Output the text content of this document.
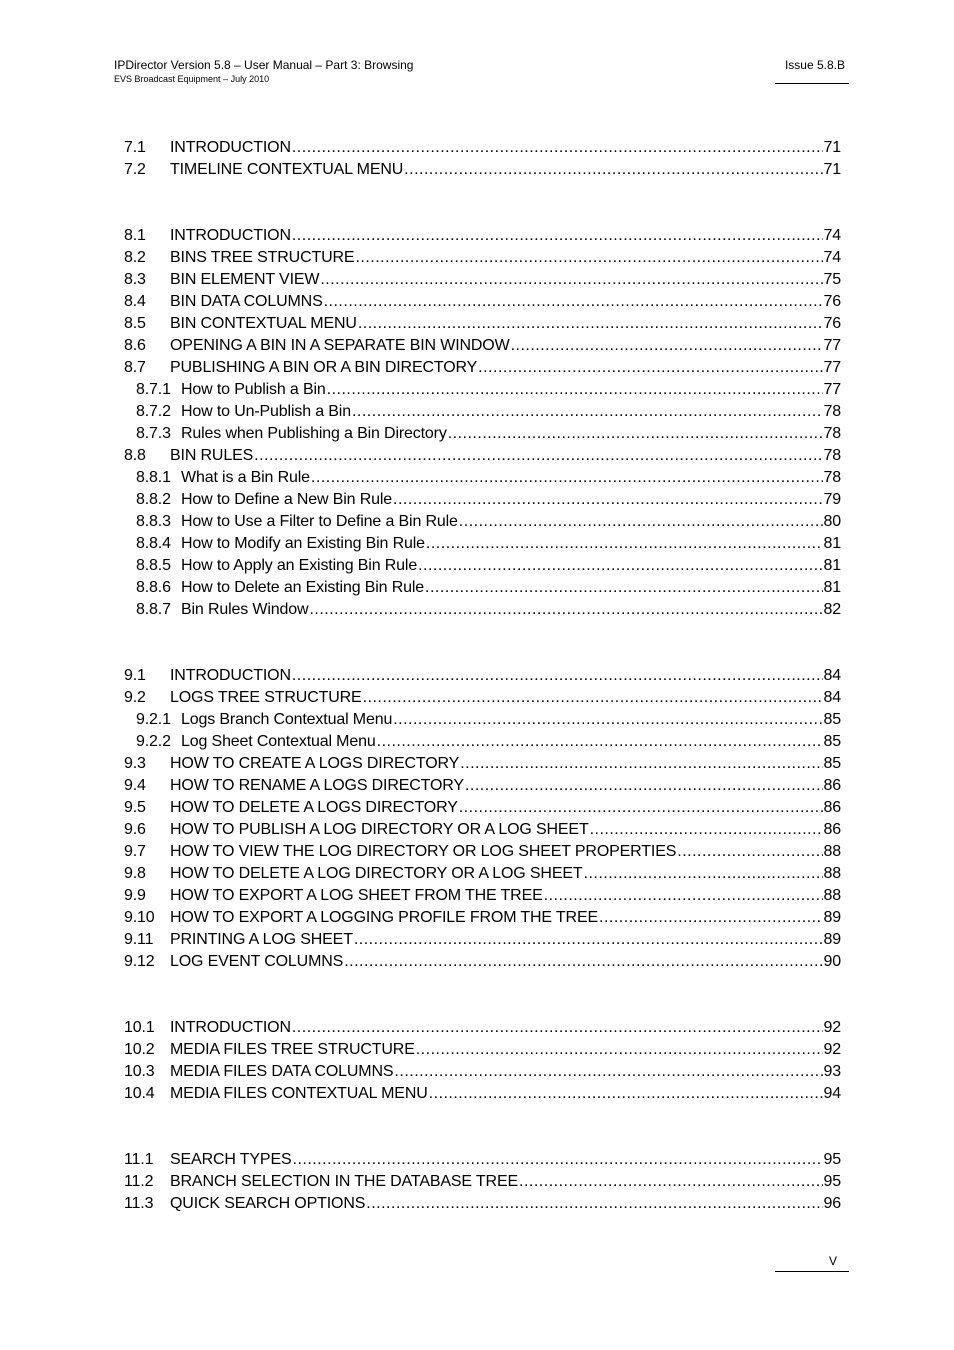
IPDirector Version 5.8 – User Manual – Part 3: Browsing
EVS Broadcast Equipment – July 2010
Issue 5.8.B
7.1	INTRODUCTION .....	71
7.2	TIMELINE CONTEXTUAL MENU .....	71
8.1	INTRODUCTION .....	74
8.2	BINS TREE STRUCTURE .....	74
8.3	BIN ELEMENT VIEW .....	75
8.4	BIN DATA COLUMNS .....	76
8.5	BIN CONTEXTUAL MENU .....	76
8.6	OPENING A BIN IN A SEPARATE BIN WINDOW .....	77
8.7	PUBLISHING A BIN OR A BIN DIRECTORY .....	77
8.7.1 How to Publish a Bin .....	77
8.7.2 How to Un-Publish a Bin .....	78
8.7.3 Rules when Publishing a Bin Directory .....	78
8.8	BIN RULES .....	78
8.8.1 What is a Bin Rule .....	78
8.8.2 How to Define a New Bin Rule .....	79
8.8.3 How to Use a Filter to Define a Bin Rule .....	80
8.8.4 How to Modify an Existing Bin Rule .....	81
8.8.5 How to Apply an Existing Bin Rule .....	81
8.8.6 How to Delete an Existing Bin Rule .....	81
8.8.7 Bin Rules Window .....	82
9.1	INTRODUCTION .....	84
9.2	LOGS TREE STRUCTURE .....	84
9.2.1 Logs Branch Contextual Menu .....	85
9.2.2 Log Sheet Contextual Menu .....	85
9.3	HOW TO CREATE A LOGS DIRECTORY .....	85
9.4	HOW TO RENAME A LOGS DIRECTORY .....	86
9.5	HOW TO DELETE A LOGS DIRECTORY .....	86
9.6	HOW TO PUBLISH A LOG DIRECTORY OR A LOG SHEET .....	86
9.7	HOW TO VIEW THE LOG DIRECTORY OR LOG SHEET PROPERTIES .....	88
9.8	HOW TO DELETE A LOG DIRECTORY OR A LOG SHEET .....	88
9.9	HOW TO EXPORT A LOG SHEET FROM THE TREE .....	88
9.10 HOW TO EXPORT A LOGGING PROFILE FROM THE TREE .....	89
9.11	PRINTING A LOG SHEET .....	89
9.12 LOG EVENT COLUMNS .....	90
10.1 INTRODUCTION .....	92
10.2 MEDIA FILES TREE STRUCTURE .....	92
10.3 MEDIA FILES DATA COLUMNS .....	93
10.4 MEDIA FILES CONTEXTUAL MENU .....	94
11.1	SEARCH TYPES .....	95
11.2	BRANCH SELECTION IN THE DATABASE TREE .....	95
11.3	QUICK SEARCH OPTIONS .....	96
V
